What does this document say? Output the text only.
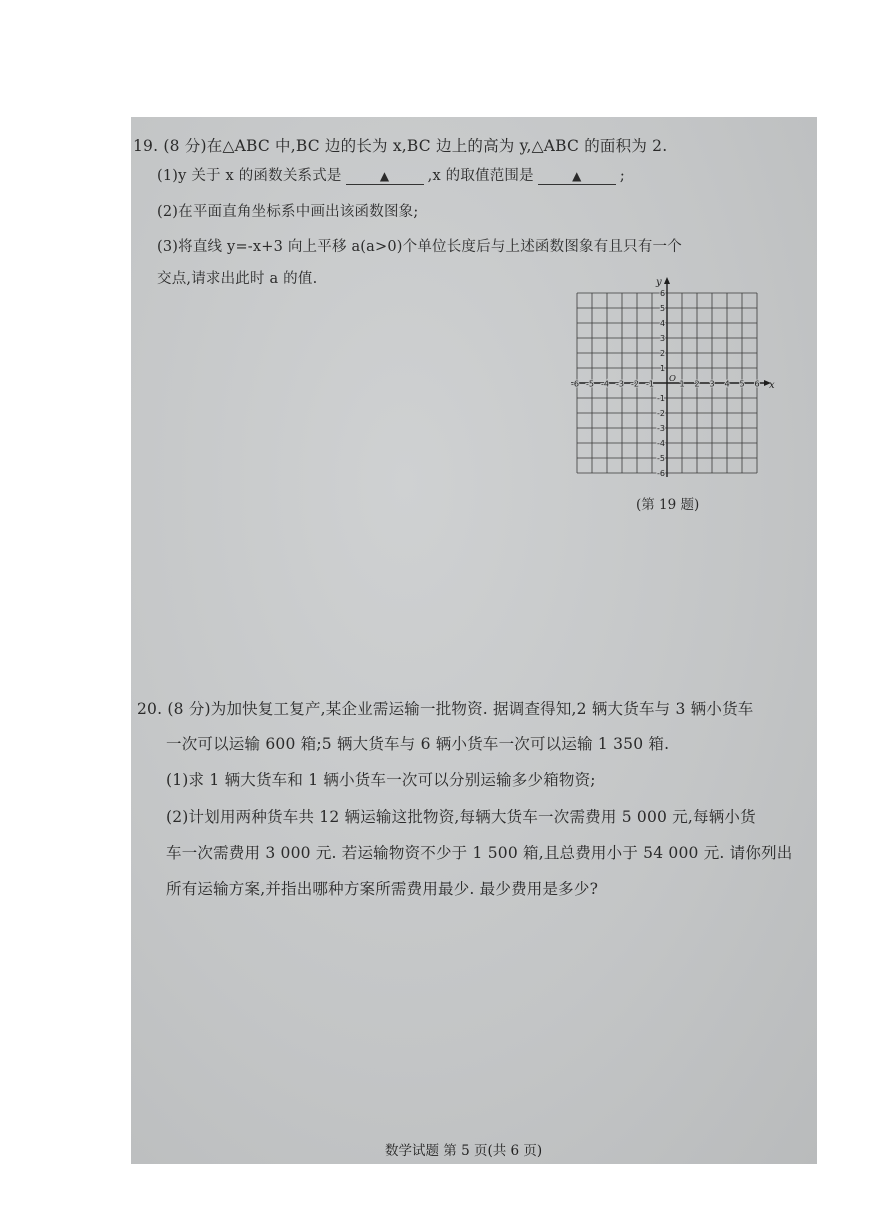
19. (8 分)在△ABC 中,BC 边的长为 x,BC 边上的高为 y,△ABC 的面积为 2.
(1)y 关于 x 的函数关系式是	▲	,x 的取值范围是	▲	;
(2)在平面直角坐标系中画出该函数图象;
(3)将直线 y=-x+3 向上平移 a(a>0)个单位长度后与上述函数图象有且只有一个
交点,请求出此时 a 的值.
x
y
O
-6 -5 -4 -3 -2 -1	1 2 3 4 5 6
6
5
4
3
2
1
-1
-2
-3
-4
-5
-6
(第 19 题)
20. (8 分)为加快复工复产,某企业需运输一批物资. 据调查得知,2 辆大货车与 3 辆小货车
一次可以运输 600 箱;5 辆大货车与 6 辆小货车一次可以运输 1 350 箱.
(1)求 1 辆大货车和 1 辆小货车一次可以分别运输多少箱物资;
(2)计划用两种货车共 12 辆运输这批物资,每辆大货车一次需费用 5 000 元,每辆小货
车一次需费用 3 000 元. 若运输物资不少于 1 500 箱,且总费用小于 54 000 元. 请你列出
所有运输方案,并指出哪种方案所需费用最少. 最少费用是多少?
数学试题 第 5 页(共 6 页)
